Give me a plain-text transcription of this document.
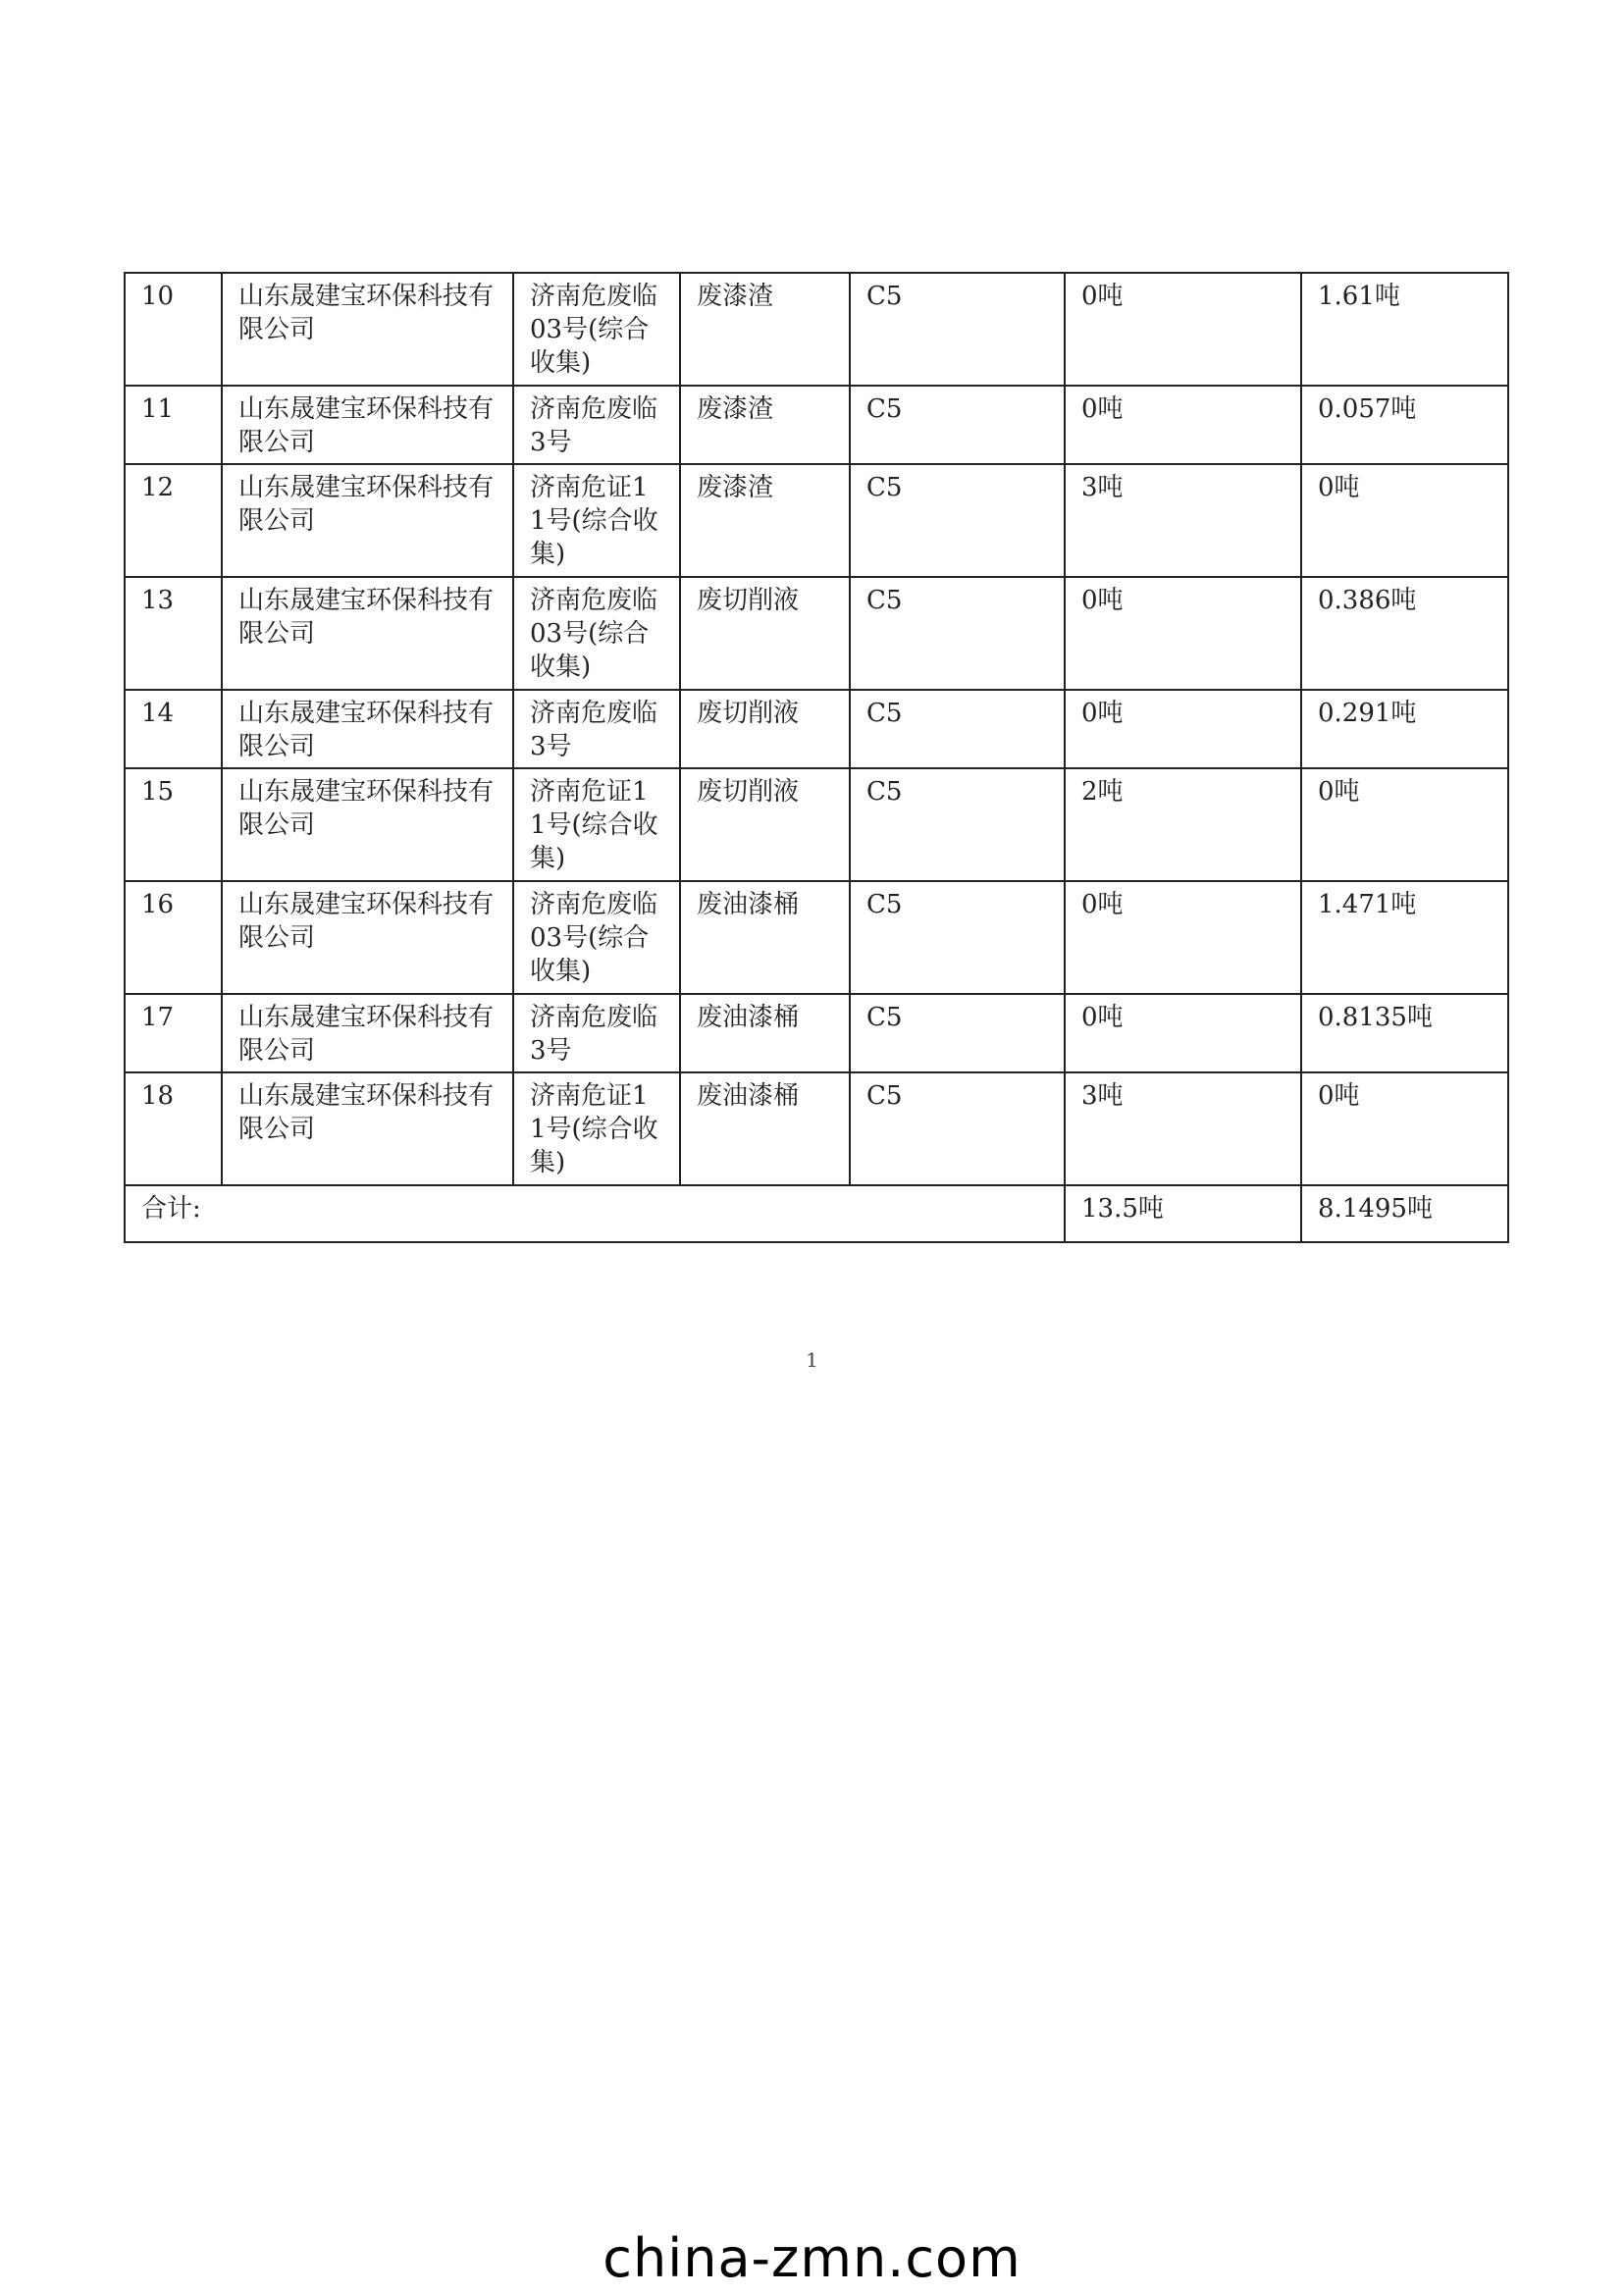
10	山东晟建宝环保科技有限公司	济南危废临03号(综合收集)	废漆渣	C5	0吨	1.61吨
11	山东晟建宝环保科技有限公司	济南危废临3号	废漆渣	C5	0吨	0.057吨
12	山东晟建宝环保科技有限公司	济南危证11号(综合收集)	废漆渣	C5	3吨	0吨
13	山东晟建宝环保科技有限公司	济南危废临03号(综合收集)	废切削液	C5	0吨	0.386吨
14	山东晟建宝环保科技有限公司	济南危废临3号	废切削液	C5	0吨	0.291吨
15	山东晟建宝环保科技有限公司	济南危证11号(综合收集)	废切削液	C5	2吨	0吨
16	山东晟建宝环保科技有限公司	济南危废临03号(综合收集)	废油漆桶	C5	0吨	1.471吨
17	山东晟建宝环保科技有限公司	济南危废临3号	废油漆桶	C5	0吨	0.8135吨
18	山东晟建宝环保科技有限公司	济南危证11号(综合收集)	废油漆桶	C5	3吨	0吨
合计:					13.5吨	8.1495吨
1
china-zmn.com
